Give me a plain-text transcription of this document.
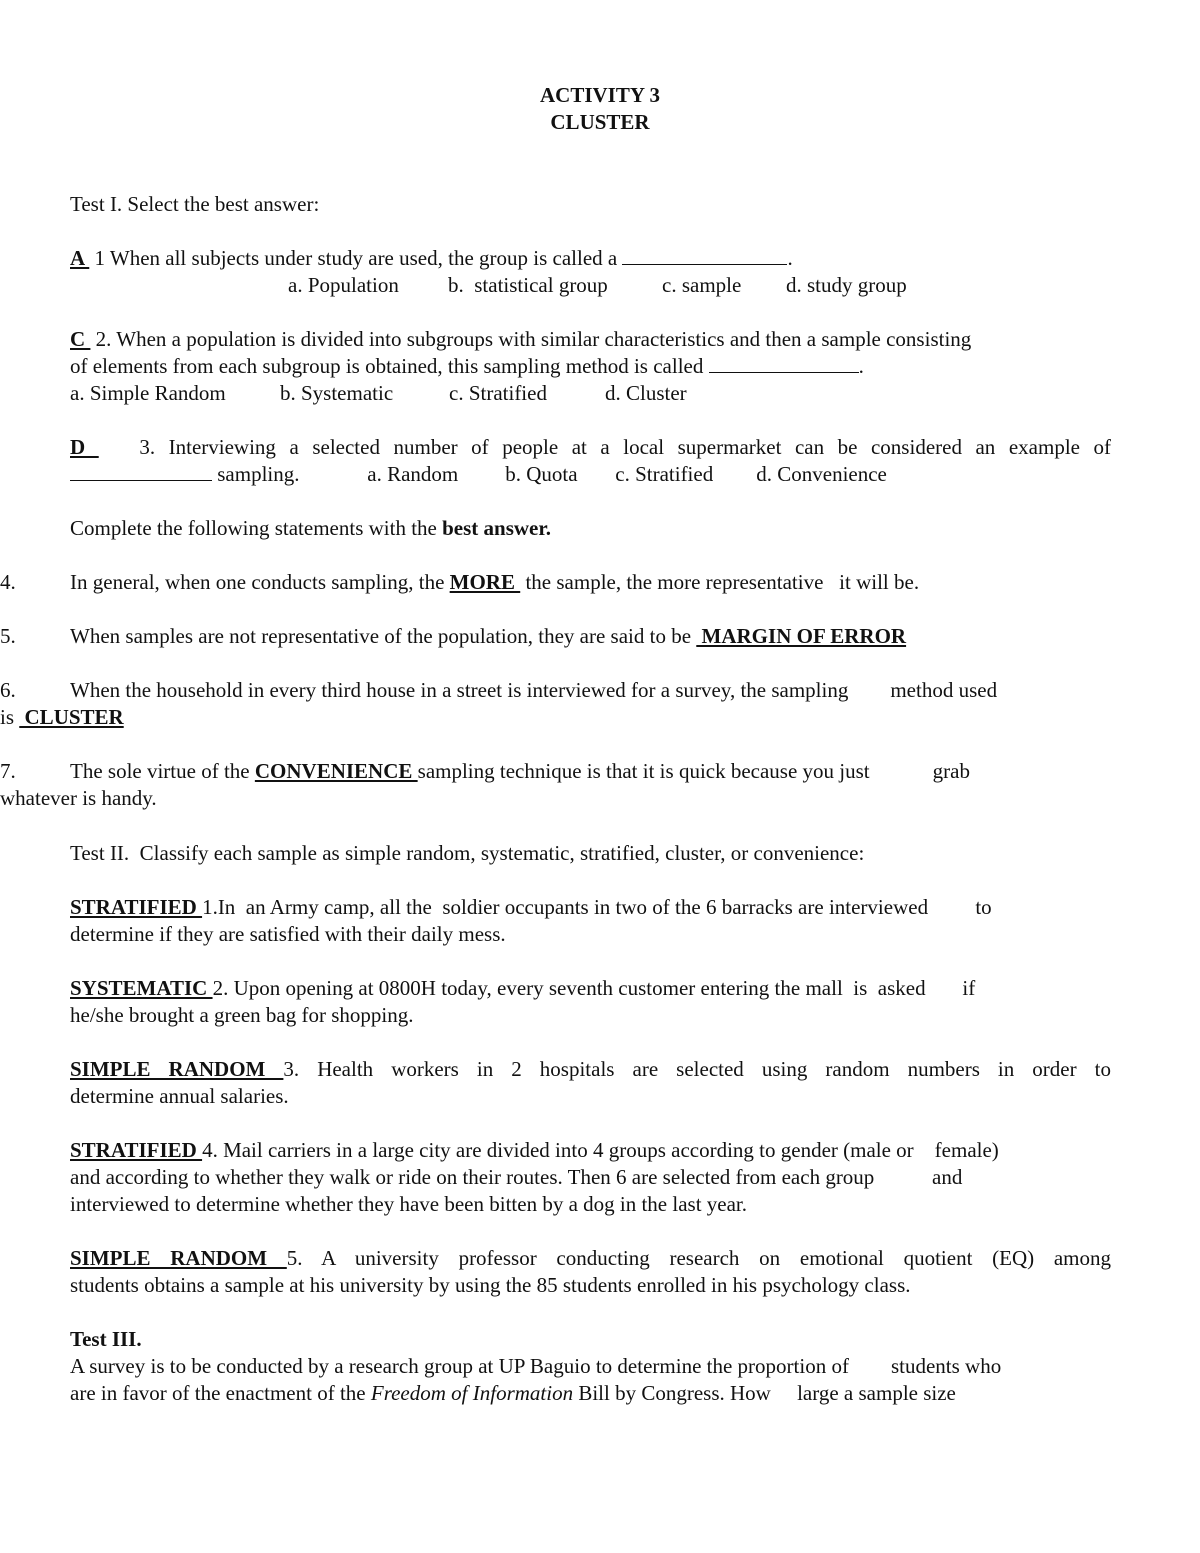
ACTIVITY 3
CLUSTER
Test I. Select the best answer:
A  1 When all subjects under study are used, the group is called a	.
a. Population b.  statistical group	c. sample d. study group
C  2. When a population is divided into subgroups with similar characteristics and then a sample consisting
of elements from each subgroup is obtained, this sampling method is called	.
a. Simple Random	b. Systematic	c. Stratified	d. Cluster
D    3. Interviewing a selected number of people at a local supermarket can be considered an example of
sampling.	a. Random b. Quota c. Stratified d. Convenience
Complete the following statements with the best answer.
4.	In general, when one conducts sampling, the MORE  the sample, the more representative   it will be.
5.	When samples are not representative of the population, they are said to be  MARGIN OF ERROR
6.	When the household in every third house in a street is interviewed for a survey, the sampling        method used
is  CLUSTER
7.	The sole virtue of the CONVENIENCE sampling technique is that it is quick because you just            grab
whatever is handy.
Test II.  Classify each sample as simple random, systematic, stratified, cluster, or convenience:
STRATIFIED 1.In  an Army camp, all the  soldier occupants in two of the 6 barracks are interviewed         to
determine if they are satisfied with their daily mess.
SYSTEMATIC 2. Upon opening at 0800H today, every seventh customer entering the mall  is  asked       if
he/she brought a green bag for shopping.
SIMPLE RANDOM 3. Health workers in 2 hospitals are selected using random numbers in order to
determine annual salaries.
STRATIFIED 4. Mail carriers in a large city are divided into 4 groups according to gender (male or    female)
and according to whether they walk or ride on their routes. Then 6 are selected from each group           and
interviewed to determine whether they have been bitten by a dog in the last year.
SIMPLE RANDOM 5. A university professor conducting research on emotional quotient (EQ) among
students obtains a sample at his university by using the 85 students enrolled in his psychology class.
Test III.
A survey is to be conducted by a research group at UP Baguio to determine the proportion of        students who
are in favor of the enactment of the Freedom of Information Bill by Congress. How     large a sample size
